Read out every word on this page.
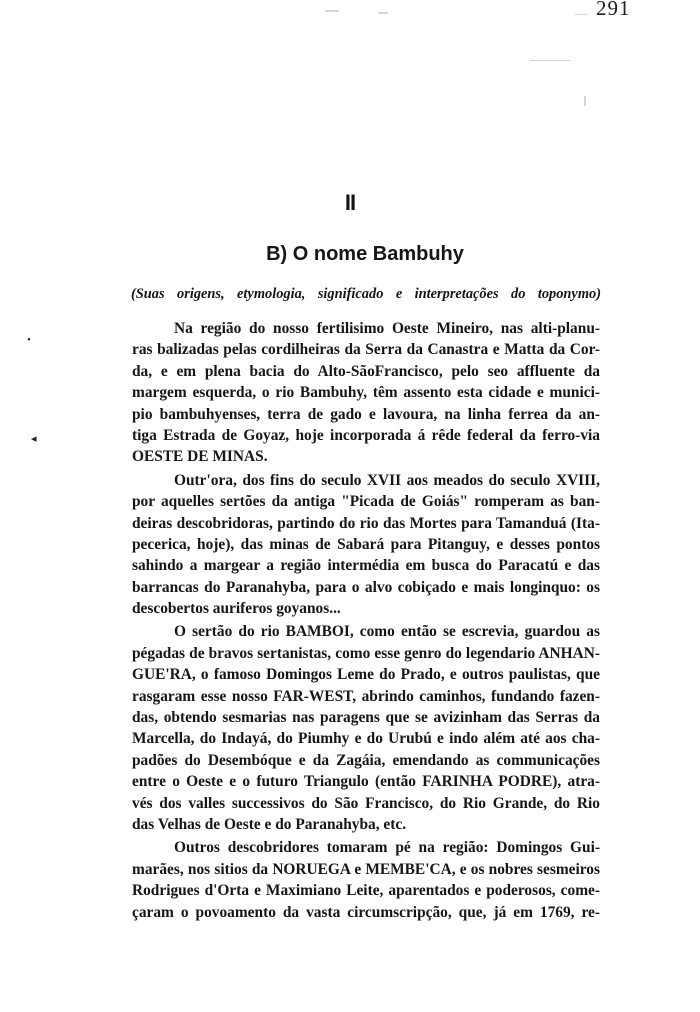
291
II
B) O nome Bambuhy
(Suas origens, etymologia, significado e interpretações do toponymo)
•
◂
Na região do nosso fertilisimo Oeste Mineiro, nas alti-planu-
ras balizadas pelas cordilheiras da Serra da Canastra e Matta da Cor-
da, e em plena bacia do Alto-SãoFrancisco, pelo seo affluente da
margem esquerda, o rio Bambuhy, têm assento esta cidade e munici-
pio bambuhyenses, terra de gado e lavoura, na linha ferrea da an-
tiga Estrada de Goyaz, hoje incorporada á rêde federal da ferro-via
OESTE DE MINAS.
Outr'ora, dos fins do seculo XVII aos meados do seculo XVIII,
por aquelles sertões da antiga "Picada de Goiás" romperam as ban-
deiras descobridoras, partindo do rio das Mortes para Tamanduá (Ita-
pecerica, hoje), das minas de Sabará para Pitanguy, e desses pontos
sahindo a margear a região intermédia em busca do Paracatú e das
barrancas do Paranahyba, para o alvo cobiçado e mais longinquo: os
descobertos auriferos goyanos...
O sertão do rio BAMBOI, como então se escrevia, guardou as
pégadas de bravos sertanistas, como esse genro do legendario ANHAN-
GUE'RA, o famoso Domingos Leme do Prado, e outros paulistas, que
rasgaram esse nosso FAR-WEST, abrindo caminhos, fundando fazen-
das, obtendo sesmarias nas paragens que se avizinham das Serras da
Marcella, do Indayá, do Piumhy e do Urubú e indo além até aos cha-
padões do Desembóque e da Zagáia, emendando as communicações
entre o Oeste e o futuro Triangulo (então FARINHA PODRE), atra-
vés dos valles successivos do São Francisco, do Rio Grande, do Rio
das Velhas de Oeste e do Paranahyba, etc.
Outros descobridores tomaram pé na região: Domingos Gui-
marães, nos sitios da NORUEGA e MEMBE'CA, e os nobres sesmeiros
Rodrigues d'Orta e Maximiano Leite, aparentados e poderosos, come-
çaram o povoamento da vasta circumscripção, que, já em 1769, re-
